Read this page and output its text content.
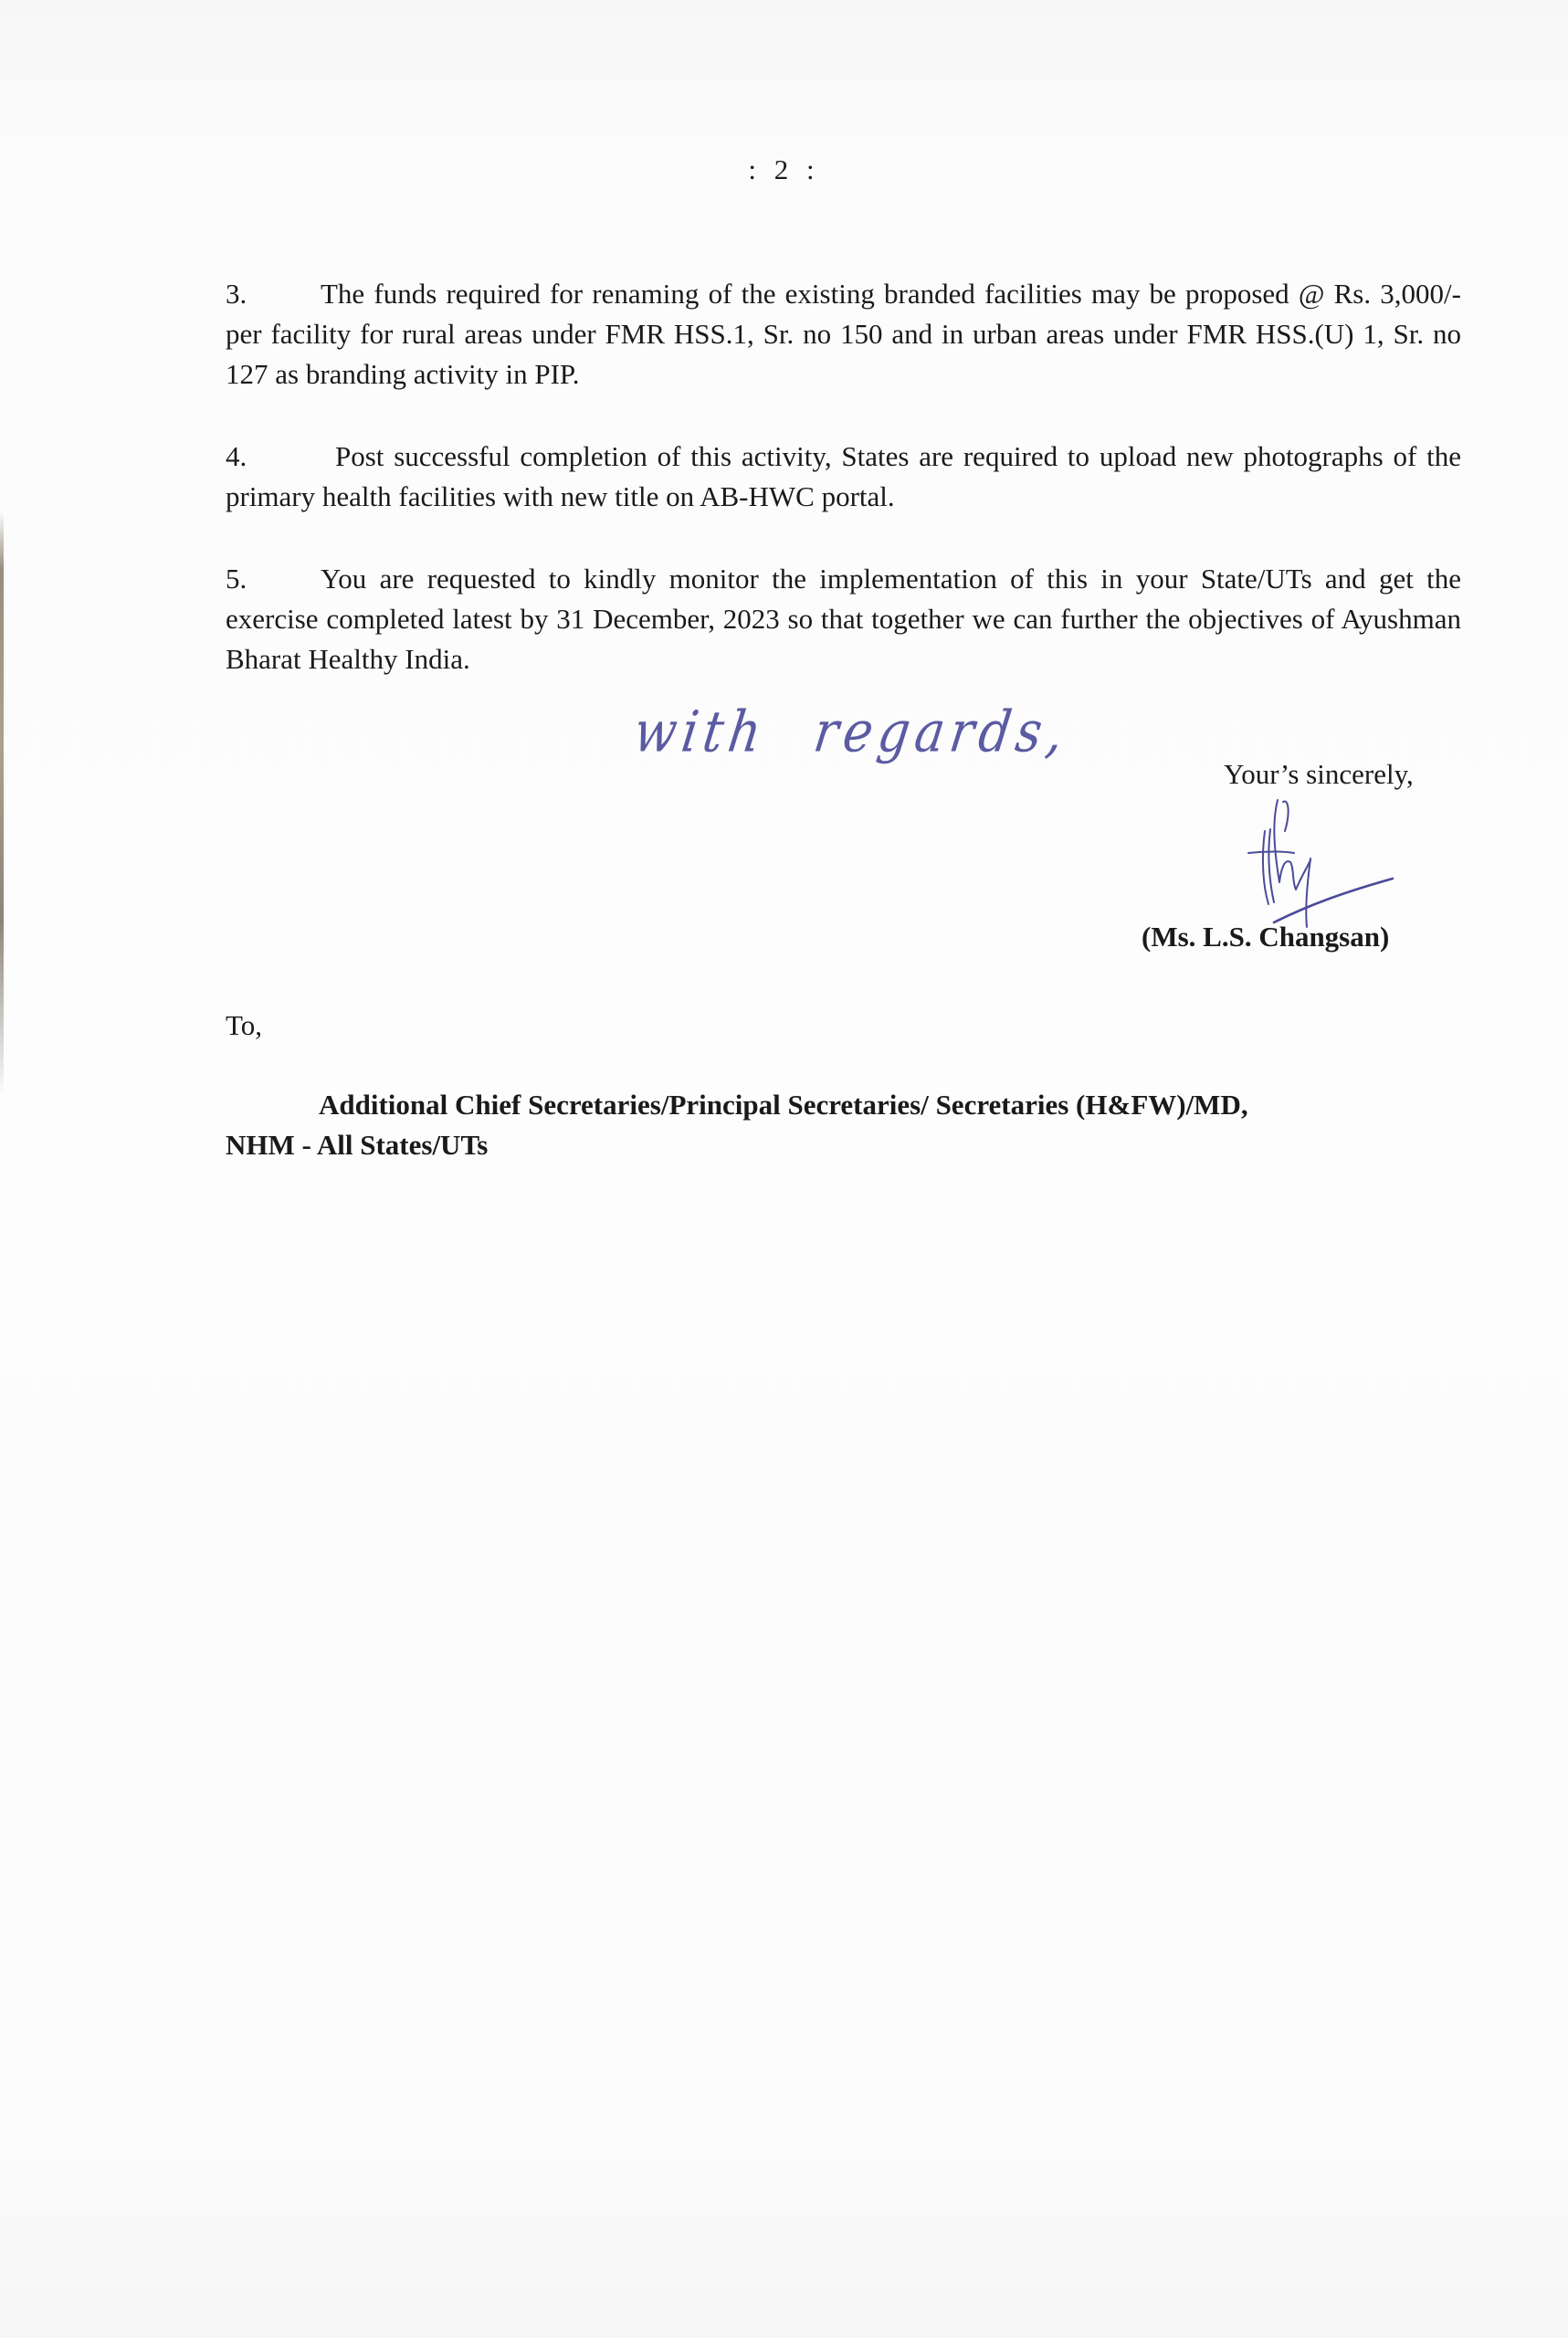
: 2 :
3.	The funds required for renaming of the existing branded facilities may be proposed @ Rs. 3,000/- per facility for rural areas under FMR HSS.1, Sr. no 150 and in urban areas under FMR HSS.(U) 1, Sr. no 127 as branding activity in PIP.
4.	Post successful completion of this activity, States are required to upload new photographs of the primary health facilities with new title on AB-HWC portal.
5.	You are requested to kindly monitor the implementation of this in your State/UTs and get the exercise completed latest by 31 December, 2023 so that together we can further the objectives of Ayushman Bharat Healthy India.
with regards,
Your’s sincerely,
(Ms. L.S. Changsan)
To,
Additional Chief Secretaries/Principal Secretaries/ Secretaries (H&FW)/MD,
NHM - All States/UTs
